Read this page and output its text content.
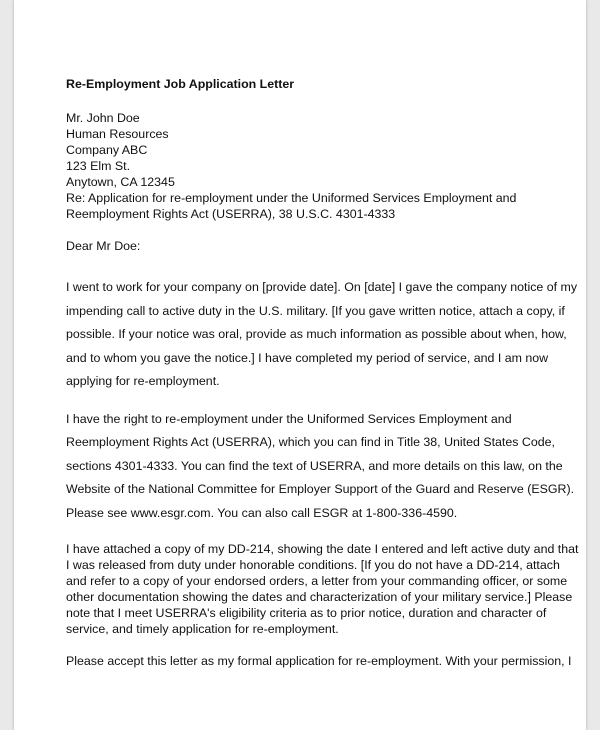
Re-Employment Job Application Letter
Mr. John Doe
Human Resources
Company ABC
123 Elm St.
Anytown, CA 12345
Re: Application for re-employment under the Uniformed Services Employment and
Reemployment Rights Act (USERRA), 38 U.S.C. 4301-4333
Dear Mr Doe:
I went to work for your company on [provide date]. On [date] I gave the company notice of my
impending call to active duty in the U.S. military. [If you gave written notice, attach a copy, if
possible. If your notice was oral, provide as much information as possible about when, how,
and to whom you gave the notice.] I have completed my period of service, and I am now
applying for re-employment.
I have the right to re-employment under the Uniformed Services Employment and
Reemployment Rights Act (USERRA), which you can find in Title 38, United States Code,
sections 4301-4333. You can find the text of USERRA, and more details on this law, on the
Website of the National Committee for Employer Support of the Guard and Reserve (ESGR).
Please see www.esgr.com. You can also call ESGR at 1-800-336-4590.
I have attached a copy of my DD-214, showing the date I entered and left active duty and that
I was released from duty under honorable conditions. [If you do not have a DD-214, attach
and refer to a copy of your endorsed orders, a letter from your commanding officer, or some
other documentation showing the dates and characterization of your military service.] Please
note that I meet USERRA's eligibility criteria as to prior notice, duration and character of
service, and timely application for re-employment.
Please accept this letter as my formal application for re-employment. With your permission, I
